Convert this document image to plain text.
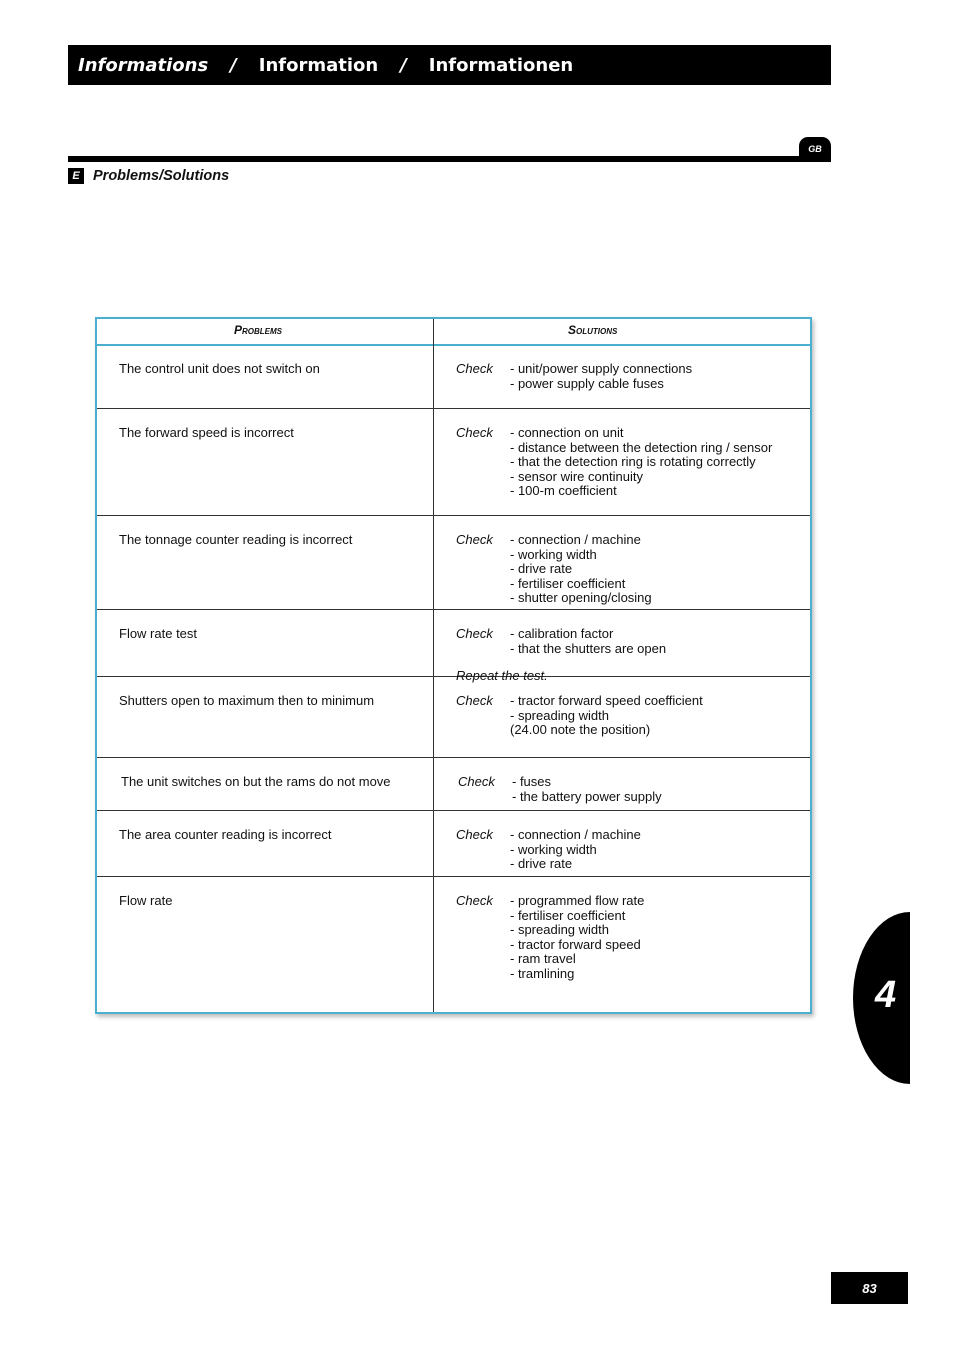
Informations / Information / Informationen
GB
E Problems/Solutions
Problems	Solutions
The control unit does not switch on	Check - unit/power supply connections
- power supply cable fuses
The forward speed is incorrect	Check - connection on unit
- distance between the detection ring / sensor
- that the detection ring is rotating correctly
- sensor wire continuity
- 100-m coefficient
The tonnage counter reading is incorrect	Check - connection / machine
- working width
- drive rate
- fertiliser coefficient
- shutter opening/closing
Flow rate test	Check - calibration factor
- that the shutters are open
Repeat the test.
Shutters open to maximum then to minimum	Check - tractor forward speed coefficient
- spreading width
(24.00 note the position)
The unit switches on but the rams do not move	Check - fuses
- the battery power supply
The area counter reading is incorrect	Check - connection / machine
- working width
- drive rate
Flow rate	Check - programmed flow rate
- fertiliser coefficient
- spreading width
- tractor forward speed
- ram travel
- tramlining
4
83
